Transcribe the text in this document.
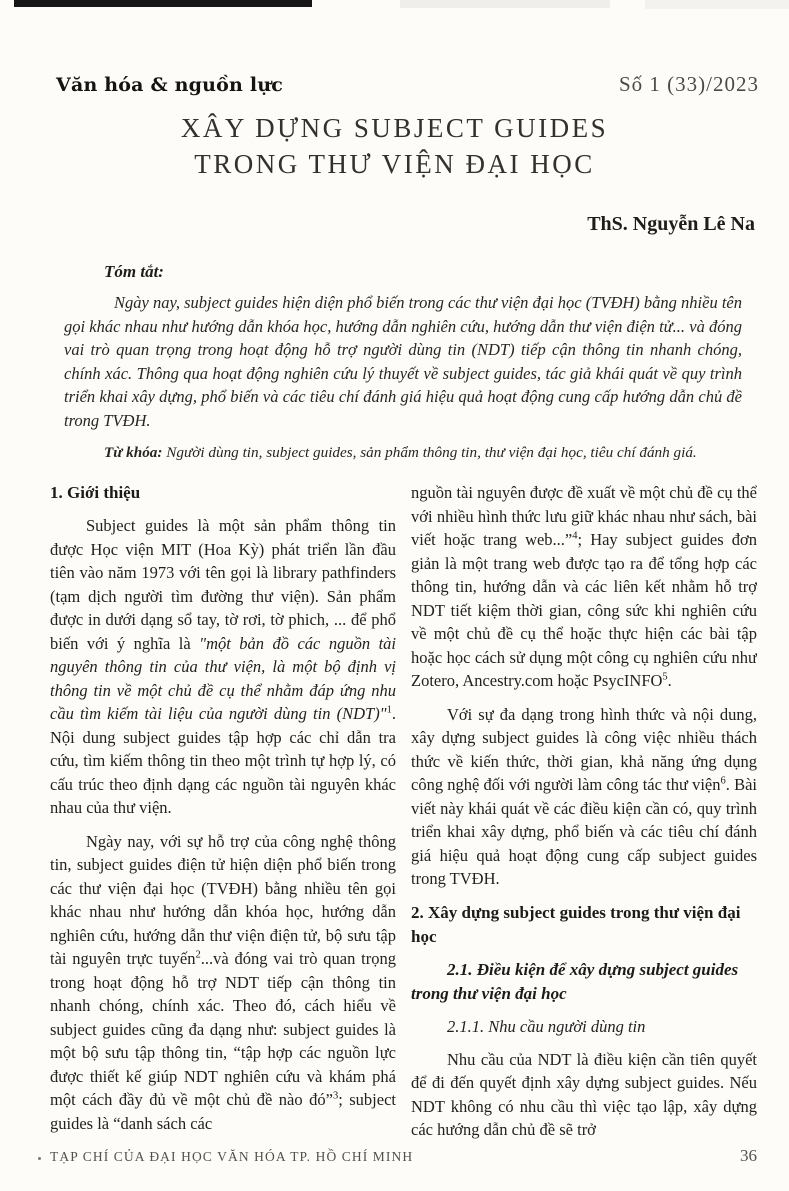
Văn hóa & nguồn lực	Số 1 (33)/2023
XÂY DỰNG SUBJECT GUIDES
TRONG THƯ VIỆN ĐẠI HỌC
ThS. Nguyễn Lê Na
Tóm tắt:

Ngày nay, subject guides hiện diện phổ biến trong các thư viện đại học (TVĐH) bằng nhiều tên gọi khác nhau như hướng dẫn khóa học, hướng dẫn nghiên cứu, hướng dẫn thư viện điện tử... và đóng vai trò quan trọng trong hoạt động hỗ trợ người dùng tin (NDT) tiếp cận thông tin nhanh chóng, chính xác. Thông qua hoạt động nghiên cứu lý thuyết về subject guides, tác giả khái quát về quy trình triển khai xây dựng, phổ biến và các tiêu chí đánh giá hiệu quả hoạt động cung cấp hướng dẫn chủ đề trong TVĐH.

Từ khóa: Người dùng tin, subject guides, sản phẩm thông tin, thư viện đại học, tiêu chí đánh giá.

1. Giới thiệu

Subject guides là một sản phẩm thông tin được Học viện MIT (Hoa Kỳ) phát triển lần đầu tiên vào năm 1973 với tên gọi là library pathfinders (tạm dịch người tìm đường thư viện). Sản phẩm được in dưới dạng sổ tay, tờ rơi, tờ phich, ... để phổ biến với ý nghĩa là "một bản đồ các nguồn tài nguyên thông tin của thư viện, là một bộ định vị thông tin về một chủ đề cụ thể nhằm đáp ứng nhu cầu tìm kiếm tài liệu của người dùng tin (NDT)"$^1$. Nội dung subject guides tập hợp các chỉ dẫn tra cứu, tìm kiếm thông tin theo một trình tự hợp lý, có cấu trúc theo định dạng các nguồn tài nguyên khác nhau của thư viện.

Ngày nay, với sự hỗ trợ của công nghệ thông tin, subject guides điện tử hiện diện phổ biến trong các thư viện đại học (TVĐH) bằng nhiều tên gọi khác nhau như hướng dẫn khóa học, hướng dẫn nghiên cứu, hướng dẫn thư viện điện tử, bộ sưu tập tài nguyên trực tuyến$^2$...và đóng vai trò quan trọng trong hoạt động hỗ trợ NDT tiếp cận thông tin nhanh chóng, chính xác. Theo đó, cách hiểu về subject guides cũng đa dạng như: subject guides là một bộ sưu tập thông tin, “tập hợp các nguồn lực được thiết kế giúp NDT nghiên cứu và khám phá một cách đầy đủ về một chủ đề nào đó”$^3$; subject guides là “danh sách các

nguồn tài nguyên được đề xuất về một chủ đề cụ thể với nhiều hình thức lưu giữ khác nhau như sách, bài viết hoặc trang web...”$^4$; Hay subject guides đơn giản là một trang web được tạo ra để tổng hợp các thông tin, hướng dẫn và các liên kết nhằm hỗ trợ NDT tiết kiệm thời gian, công sức khi nghiên cứu về một chủ đề cụ thể hoặc thực hiện các bài tập hoặc học cách sử dụng một công cụ nghiên cứu như Zotero, Ancestry.com hoặc PsycINFO$^5$.

Với sự đa dạng trong hình thức và nội dung, xây dựng subject guides là công việc nhiều thách thức về kiến thức, thời gian, khả năng ứng dụng công nghệ đối với người làm công tác thư viện$^6$. Bài viết này khái quát về các điều kiện cần có, quy trình triển khai xây dựng, phổ biến và các tiêu chí đánh giá hiệu quả hoạt động cung cấp subject guides trong TVĐH.

2. Xây dựng subject guides trong thư viện đại học
2.1. Điều kiện để xây dựng subject guides trong thư viện đại học
2.1.1. Nhu cầu người dùng tin

Nhu cầu của NDT là điều kiện cần tiên quyết để đi đến quyết định xây dựng subject guides. Nếu NDT không có nhu cầu thì việc tạo lập, xây dựng các hướng dẫn chủ đề sẽ trở

TẠP CHÍ CỦA ĐẠI HỌC VĂN HÓA TP. HỒ CHÍ MINH	36
